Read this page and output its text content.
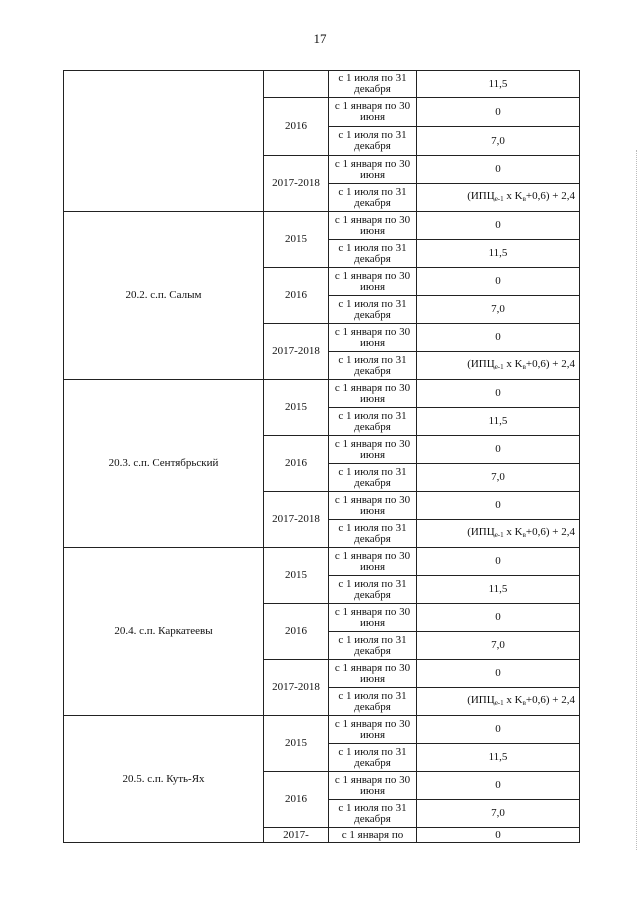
17
		с 1 июля по 31 декабря	11,5
	2016	с 1 января по 30 июня	0
		с 1 июля по 31 декабря	7,0
	2017-2018	с 1 января по 30 июня	0
		с 1 июля по 31 декабря	($ИПЦ_{e-1}$ х $K_в+0,6) + 2,4$

20.2. с.п. Салым	2015	с 1 января по 30 июня	0
		с 1 июля по 31 декабря	11,5
	2016	с 1 января по 30 июня	0
		с 1 июля по 31 декабря	7,0
	2017-2018	с 1 января по 30 июня	0
		с 1 июля по 31 декабря	($ИПЦ_{e-1}$ х $K_в+0,6) + 2,4$
20.3. с.п. Сентябрьский	2015	с 1 января по 30 июня	0
		с 1 июля по 31 декабря	11,5
	2016	с 1 января по 30 июня	0
		с 1 июля по 31 декабря	7,0
	2017-2018	с 1 января по 30 июня	0
		с 1 июля по 31 декабря	($ИПЦ_{e-1}$ х $K_в+0,6) + 2,4$
20.4. с.п. Каркатеевы	2015	с 1 января по 30 июня	0
		с 1 июля по 31 декабря	11,5
	2016	с 1 января по 30 июня	0
		с 1 июля по 31 декабря	7,0
	2017-2018	с 1 января по 30 июня	0
		с 1 июля по 31 декабря	($ИПЦ_{e-1}$ х $K_в+0,6) + 2,4$
20.5. с.п. Куть-Ях	2015	с 1 января по 30 июня	0
		с 1 июля по 31 декабря	11,5
	2016	с 1 января по 30 июня	0
		с 1 июля по 31 декабря	7,0
	2017-	с 1 января по	0
